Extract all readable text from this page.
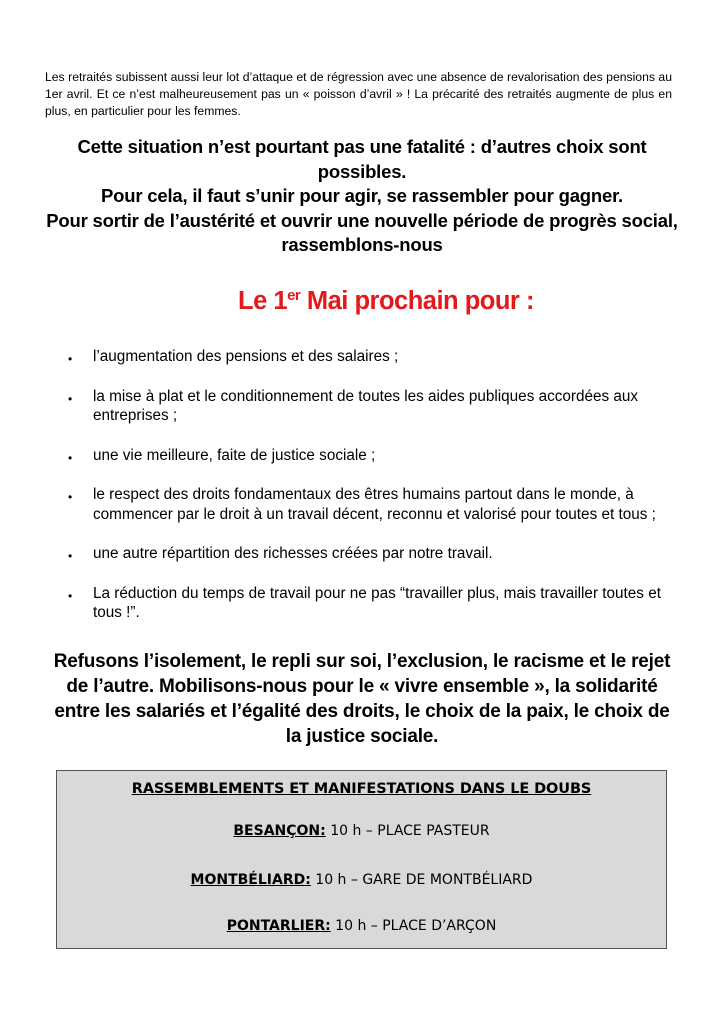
Les retraités subissent aussi leur lot d’attaque et de régression avec une absence de revalorisation des pensions au 1er avril. Et ce n’est malheureusement pas un « poisson d’avril » ! La précarité des retraités augmente de plus en plus, en particulier pour les femmes.

Cette situation n’est pourtant pas une fatalité : d’autres choix sont possibles.

Pour cela, il faut s’unir pour agir, se rassembler pour gagner.

Pour sortir de l’austérité et ouvrir une nouvelle période de progrès social, rassemblons-nous

Le 1er Mai prochain pour :
• l’augmentation des pensions et des salaires ;
• la mise à plat et le conditionnement de toutes les aides publiques accordées aux entreprises ;
• une vie meilleure, faite de justice sociale ;
• le respect des droits fondamentaux des êtres humains partout dans le monde, à commencer par le droit à un travail décent, reconnu et valorisé pour toutes et tous ;
• une autre répartition des richesses créées par notre travail.
• La réduction du temps de travail pour ne pas “travailler plus, mais travailler toutes et tous !”.

Refusons l’isolement, le repli sur soi, l’exclusion, le racisme et le rejet de l’autre. Mobilisons-nous pour le « vivre ensemble », la solidarité entre les salariés et l’égalité des droits, le choix de la paix, le choix de la justice sociale.

RASSEMBLEMENTS ET MANIFESTATIONS DANS LE DOUBS
BESANÇON: 10 h – PLACE PASTEUR
MONTBÉLIARD: 10 h – GARE DE MONTBÉLIARD
PONTARLIER: 10 h – PLACE D’ARÇON
